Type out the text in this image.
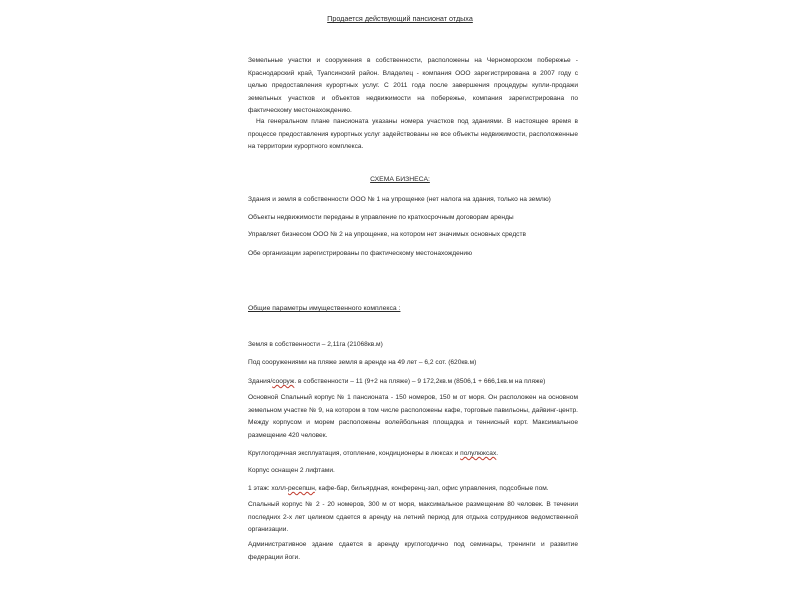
Продается действующий пансионат отдыха

Земельные участки и сооружения в собственности, расположены на Черноморском побережье - Краснодарский край, Туапсинский район. Владелец - компания ООО зарегистрирована в 2007 году с целью предоставления курортных услуг. С 2011 года после завершения процедуры купли-продажи земельных участков и объектов недвижимости на побережье, компания зарегистрирована по фактическому местонахождению.

На генеральном плане пансионата указаны номера участков под зданиями. В настоящее время в процессе предоставления курортных услуг задействованы не все объекты недвижимости, расположенные на территории курортного комплекса.

СХЕМА БИЗНЕСА:
Здания и земля в собственности ООО № 1 на упрощенке (нет налога на здания, только на землю)
Объекты недвижимости переданы в управление по краткосрочным договорам аренды
Управляет бизнесом ООО № 2 на упрощенке, на котором нет значимых основных средств
Обе организации зарегистрированы по фактическому местонахождению
Общие параметры имущественного комплекса :
Земля в собственности – 2,11га (21068кв.м)
Под сооружениями на пляже земля в аренде на 49 лет – 6,2 сот. (620кв.м)
Здания/сооруж. в собственности – 11 (9+2 на пляже) – 9 172,2кв.м (8506,1 + 666,1кв.м на пляже)

Основной Спальный корпус № 1 пансионата - 150 номеров, 150 м от моря. Он расположен на основном земельном участке № 9, на котором в том числе расположены кафе, торговые павильоны, дайвинг-центр. Между корпусом и морем расположены волейбольная площадка и теннисный корт. Максимальное размещение 420 человек.

Круглогодичная эксплуатация, отопление, кондиционеры в люксах и полулюксах.
Корпус оснащен 2 лифтами.
1 этаж: холл-ресепшн, кафе-бар, бильярдная, конференц-зал, офис управления, подсобные пом.

Спальный корпус № 2 - 20 номеров, 300 м от моря, максимальное размещение 80 человек. В течении последних 2-х лет целиком сдается в аренду на летний период для отдыха сотрудников ведомственной организации.

Административное здание сдается в аренду круглогодично под семинары, тренинги и развитие федерации йоги.
